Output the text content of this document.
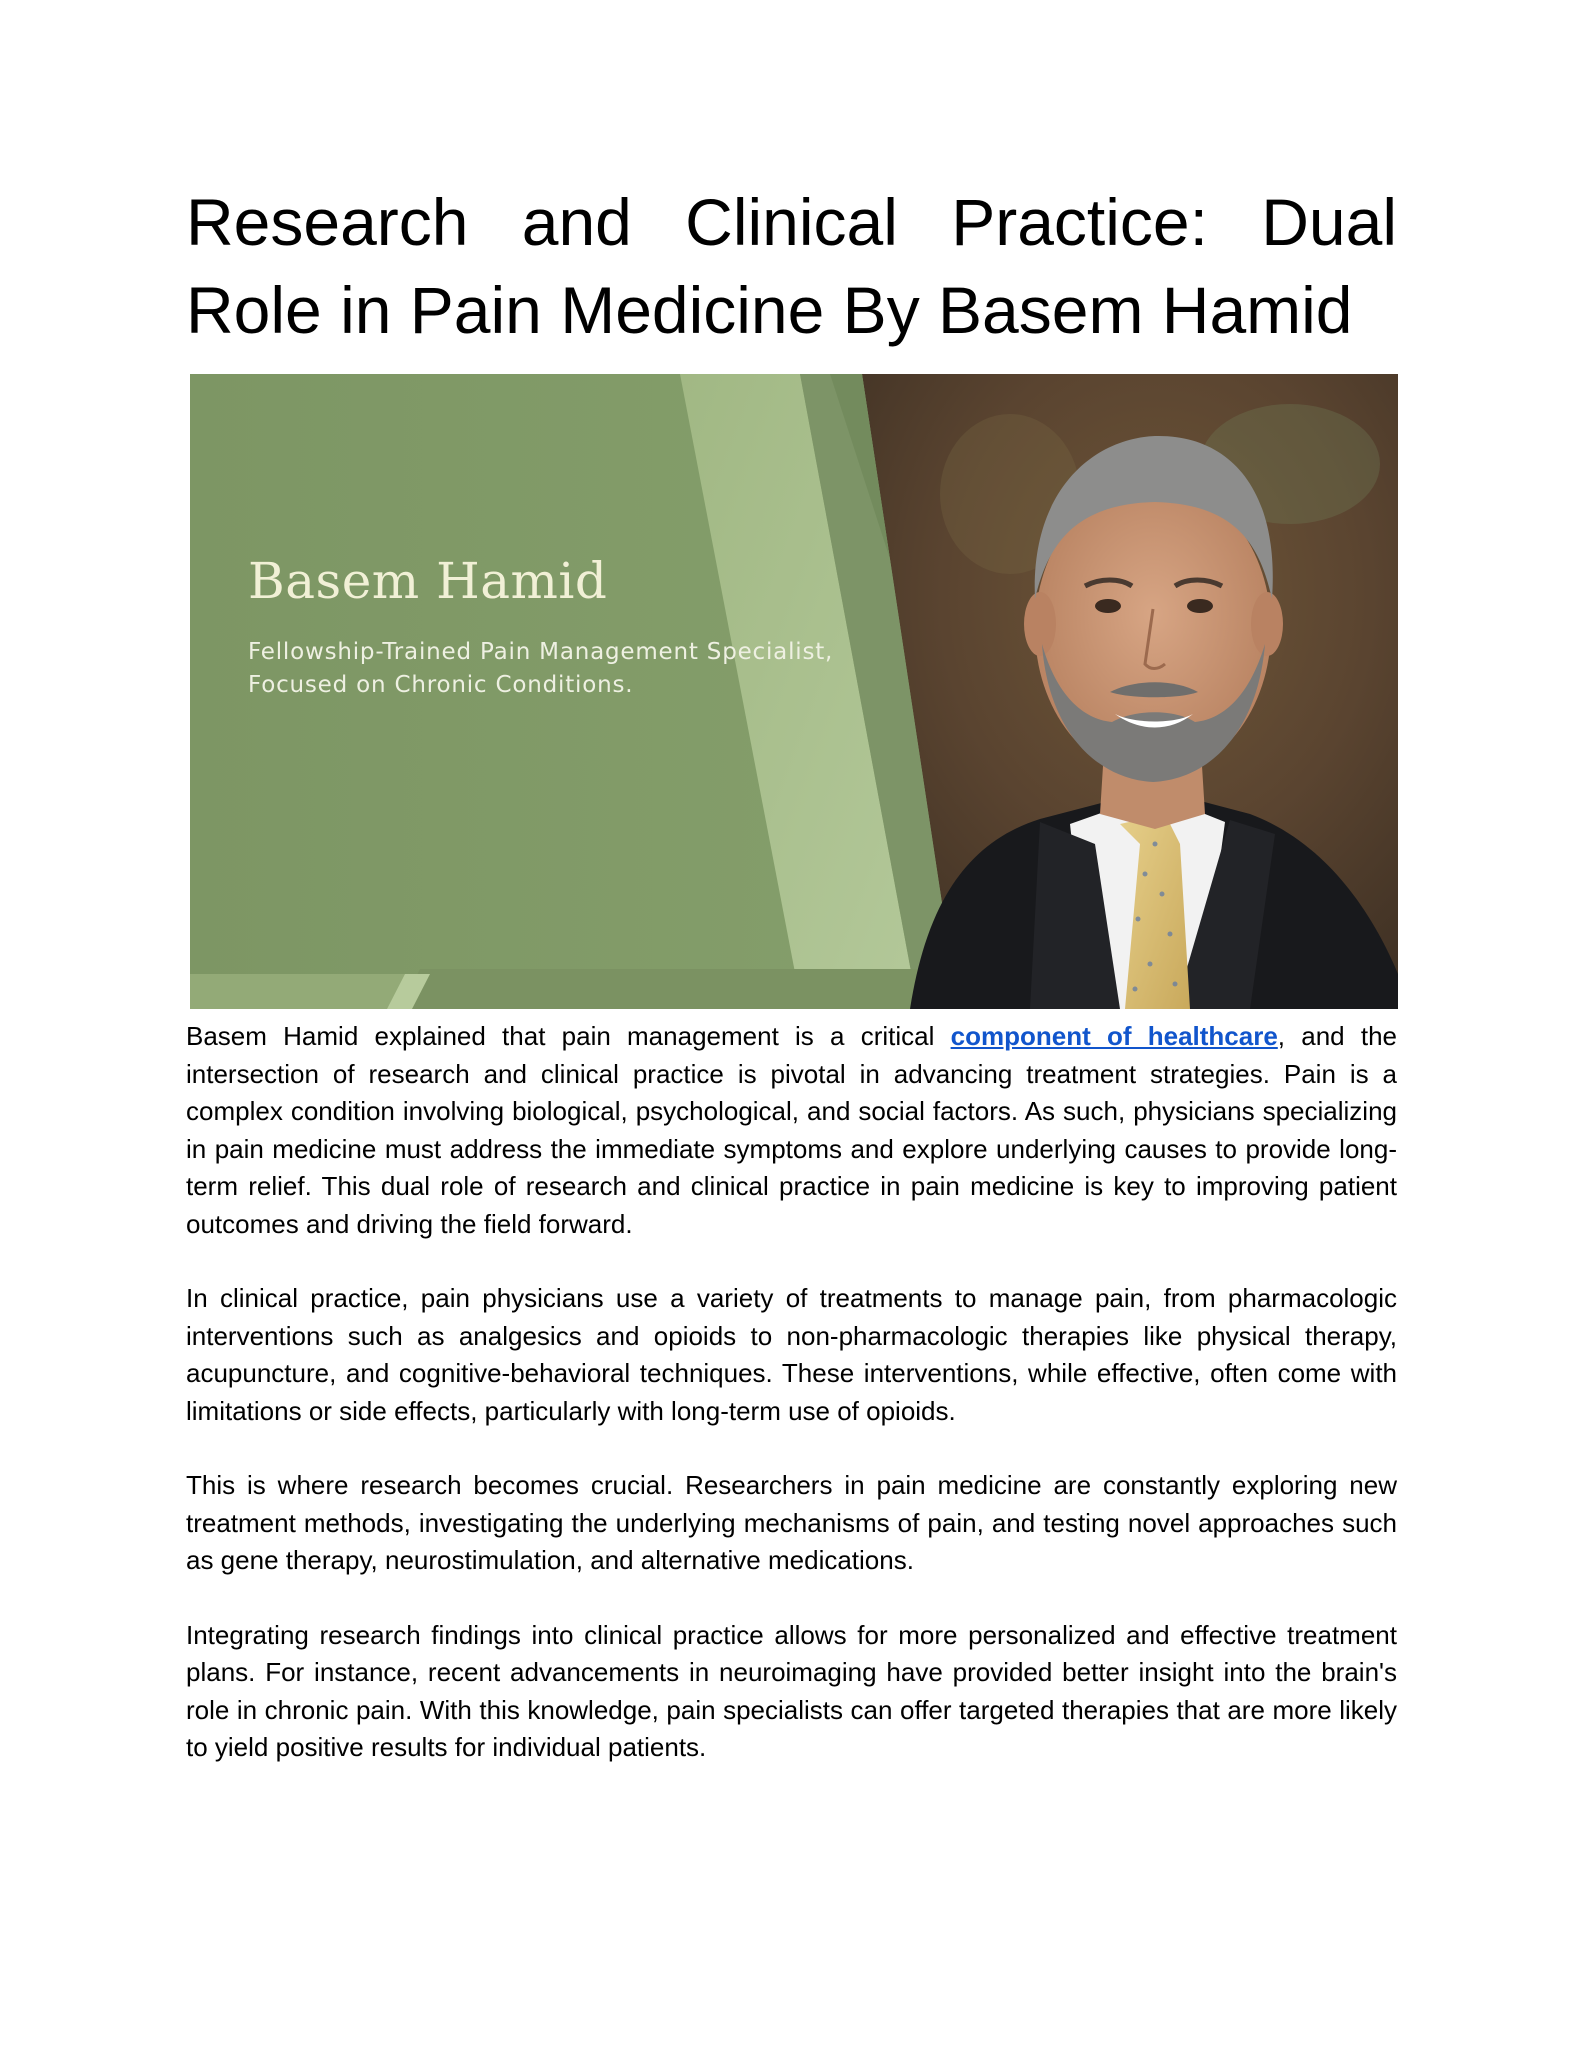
Research and Clinical Practice: Dual Role in Pain Medicine By Basem Hamid
Basem Hamid
Fellowship-Trained Pain Management Specialist, Focused on Chronic Conditions.

Basem Hamid explained that pain management is a critical component of healthcare, and the intersection of research and clinical practice is pivotal in advancing treatment strategies. Pain is a complex condition involving biological, psychological, and social factors. As such, physicians specializing in pain medicine must address the immediate symptoms and explore underlying causes to provide long-term relief. This dual role of research and clinical practice in pain medicine is key to improving patient outcomes and driving the field forward.

In clinical practice, pain physicians use a variety of treatments to manage pain, from pharmacologic interventions such as analgesics and opioids to non-pharmacologic therapies like physical therapy, acupuncture, and cognitive-behavioral techniques. These interventions, while effective, often come with limitations or side effects, particularly with long-term use of opioids.

This is where research becomes crucial. Researchers in pain medicine are constantly exploring new treatment methods, investigating the underlying mechanisms of pain, and testing novel approaches such as gene therapy, neurostimulation, and alternative medications.

Integrating research findings into clinical practice allows for more personalized and effective treatment plans. For instance, recent advancements in neuroimaging have provided better insight into the brain's role in chronic pain. With this knowledge, pain specialists can offer targeted therapies that are more likely to yield positive results for individual patients.
